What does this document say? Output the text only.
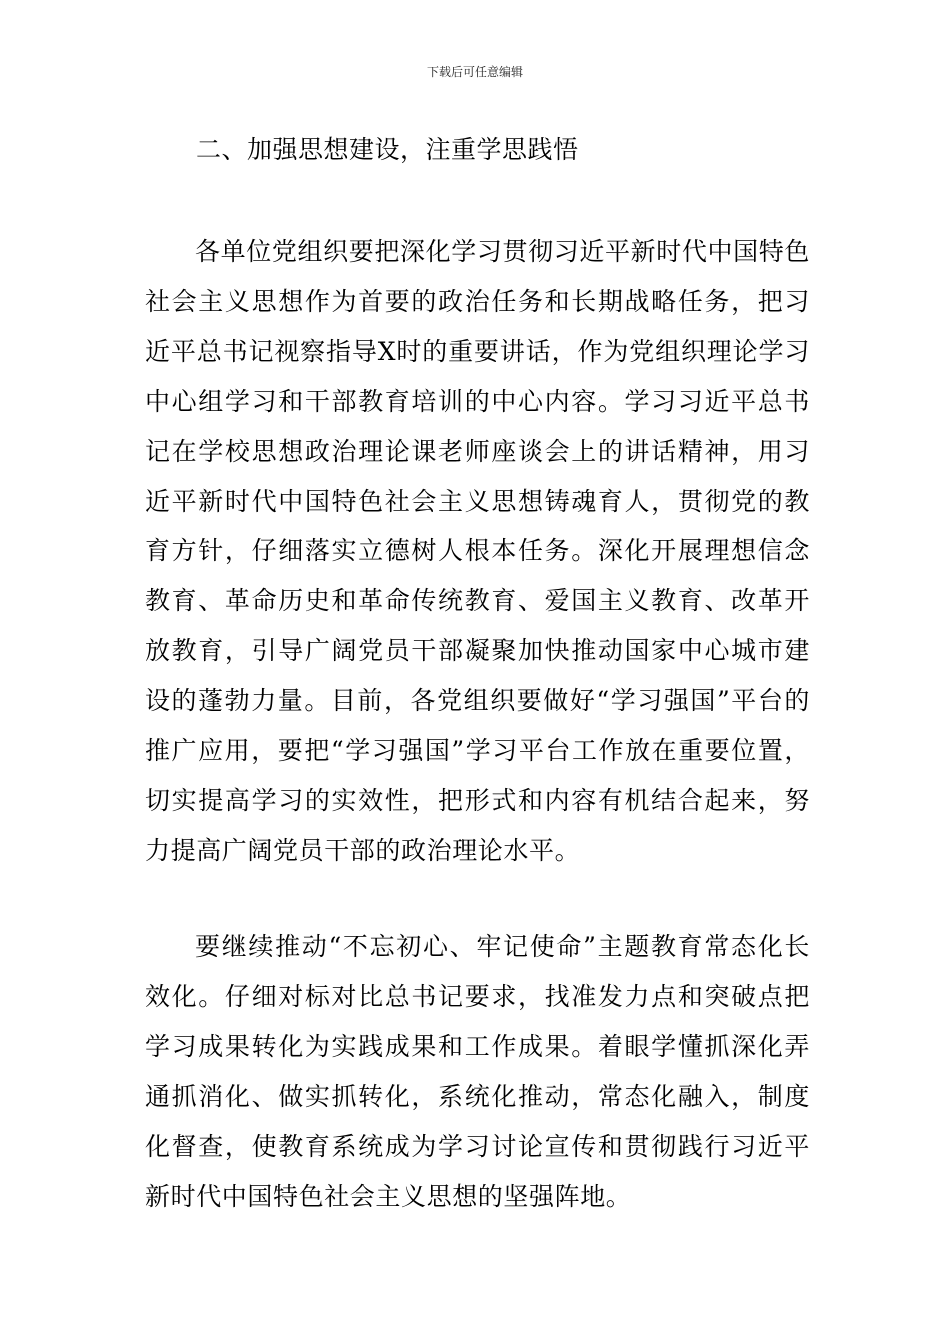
下载后可任意编辑
二、加强思想建设，注重学思践悟

各单位党组织要把深化学习贯彻习近平新时代中国特色社会主义思想作为首要的政治任务和长期战略任务，把习近平总书记视察指导X时的重要讲话，作为党组织理论学习中心组学习和干部教育培训的中心内容。学习习近平总书记在学校思想政治理论课老师座谈会上的讲话精神，用习近平新时代中国特色社会主义思想铸魂育人，贯彻党的教育方针，仔细落实立德树人根本任务。深化开展理想信念教育、革命历史和革命传统教育、爱国主义教育、改革开放教育，引导广阔党员干部凝聚加快推动国家中心城市建设的蓬勃力量。目前，各党组织要做好“学习强国”平台的推广应用，要把“学习强国”学习平台工作放在重要位置，切实提高学习的实效性，把形式和内容有机结合起来，努力提高广阔党员干部的政治理论水平。

要继续推动“不忘初心、牢记使命”主题教育常态化长效化。仔细对标对比总书记要求，找准发力点和突破点把学习成果转化为实践成果和工作成果。着眼学懂抓深化弄通抓消化、做实抓转化，系统化推动，常态化融入，制度化督查，使教育系统成为学习讨论宣传和贯彻践行习近平新时代中国特色社会主义思想的坚强阵地。
